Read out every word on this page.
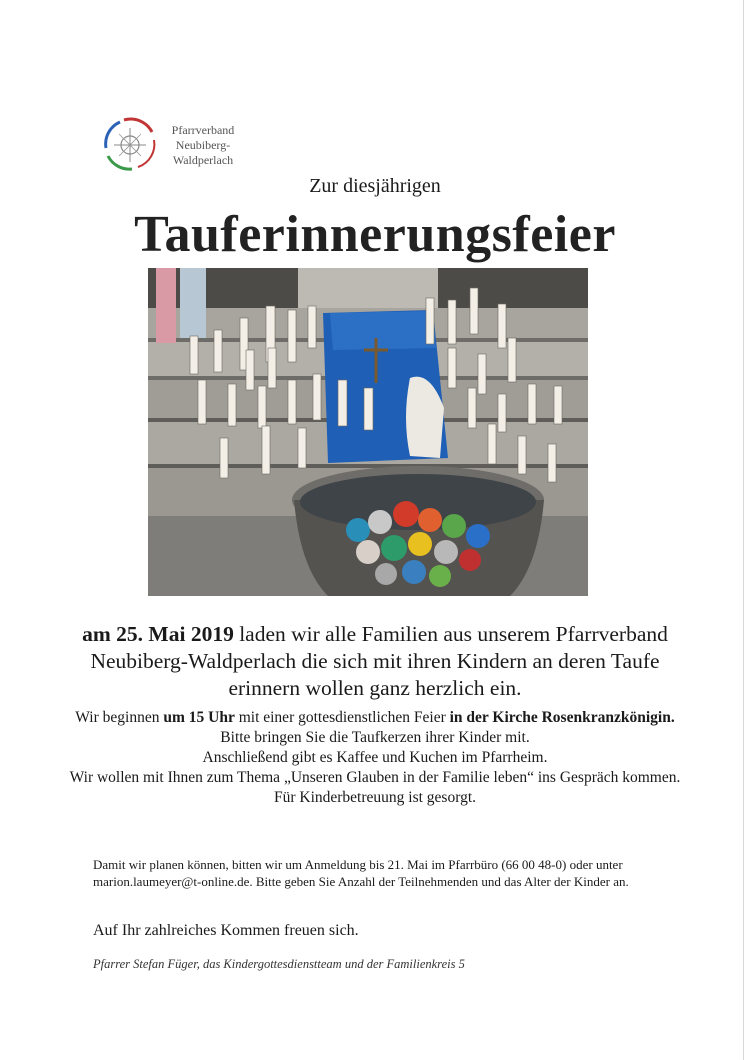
Pfarrverband
Neubiberg-
Waldperlach
Zur diesjährigen
Tauferinnerungsfeier
am 25. Mai 2019 laden wir alle Familien aus unserem Pfarrverband Neubiberg-Waldperlach die sich mit ihren Kindern an deren Taufe erinnern wollen ganz herzlich ein.
Wir beginnen um 15 Uhr mit einer gottesdienstlichen Feier in der Kirche Rosenkranzkönigin.
Bitte bringen Sie die Taufkerzen ihrer Kinder mit.
Anschließend gibt es Kaffee und Kuchen im Pfarrheim.
Wir wollen mit Ihnen zum Thema „Unseren Glauben in der Familie leben“ ins Gespräch kommen.
Für Kinderbetreuung ist gesorgt.
Damit wir planen können, bitten wir um Anmeldung bis 21. Mai im Pfarrbüro (66 00 48-0) oder unter marion.laumeyer@t-online.de. Bitte geben Sie Anzahl der Teilnehmenden und das Alter der Kinder an.
Auf Ihr zahlreiches Kommen freuen sich.
Pfarrer Stefan Füger, das Kindergottesdienstteam und der Familienkreis 5
